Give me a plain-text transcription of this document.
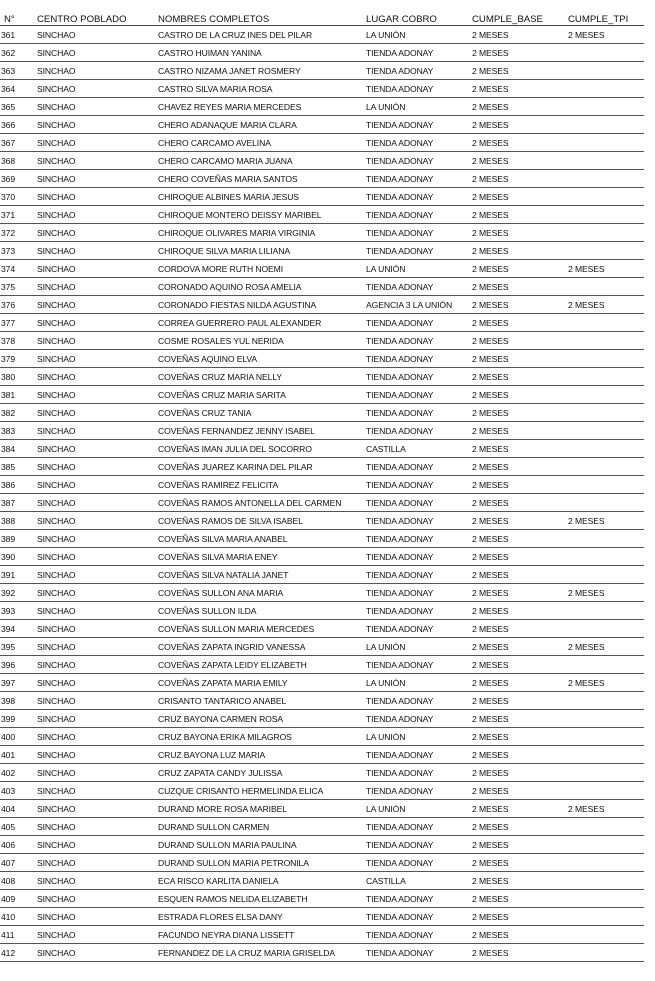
N°	CENTRO POBLADO	NOMBRES COMPLETOS	LUGAR COBRO	CUMPLE_BASE	CUMPLE_TPI
361	SINCHAO	CASTRO DE LA CRUZ INES DEL PILAR	LA UNIÓN	2 MESES	2 MESES
362	SINCHAO	CASTRO HUIMAN YANINA	TIENDA ADONAY	2 MESES	
363	SINCHAO	CASTRO NIZAMA JANET ROSMERY	TIENDA ADONAY	2 MESES	
364	SINCHAO	CASTRO SILVA MARIA ROSA	TIENDA ADONAY	2 MESES	
365	SINCHAO	CHAVEZ REYES MARIA MERCEDES	LA UNIÓN	2 MESES	
366	SINCHAO	CHERO ADANAQUE MARIA CLARA	TIENDA ADONAY	2 MESES	
367	SINCHAO	CHERO CARCAMO AVELINA	TIENDA ADONAY	2 MESES	
368	SINCHAO	CHERO CARCAMO MARIA JUANA	TIENDA ADONAY	2 MESES	
369	SINCHAO	CHERO COVEÑAS MARIA SANTOS	TIENDA ADONAY	2 MESES	
370	SINCHAO	CHIROQUE ALBINES MARIA JESUS	TIENDA ADONAY	2 MESES	
371	SINCHAO	CHIROQUE MONTERO DEISSY MARIBEL	TIENDA ADONAY	2 MESES	
372	SINCHAO	CHIROQUE OLIVARES MARIA VIRGINIA	TIENDA ADONAY	2 MESES	
373	SINCHAO	CHIROQUE SILVA MARIA LILIANA	TIENDA ADONAY	2 MESES	
374	SINCHAO	CORDOVA MORE RUTH NOEMI	LA UNIÓN	2 MESES	2 MESES
375	SINCHAO	CORONADO AQUINO ROSA AMELIA	TIENDA ADONAY	2 MESES	
376	SINCHAO	CORONADO FIESTAS NILDA AGUSTINA	AGENCIA 3 LA UNIÓN	2 MESES	2 MESES
377	SINCHAO	CORREA GUERRERO PAUL ALEXANDER	TIENDA ADONAY	2 MESES	
378	SINCHAO	COSME ROSALES YUL NERIDA	TIENDA ADONAY	2 MESES	
379	SINCHAO	COVEÑAS AQUINO ELVA	TIENDA ADONAY	2 MESES	
380	SINCHAO	COVEÑAS CRUZ MARIA NELLY	TIENDA ADONAY	2 MESES	
381	SINCHAO	COVEÑAS CRUZ MARIA SARITA	TIENDA ADONAY	2 MESES	
382	SINCHAO	COVEÑAS CRUZ TANIA	TIENDA ADONAY	2 MESES	
383	SINCHAO	COVEÑAS FERNANDEZ JENNY ISABEL	TIENDA ADONAY	2 MESES	
384	SINCHAO	COVEÑAS IMAN JULIA DEL SOCORRO	CASTILLA	2 MESES	
385	SINCHAO	COVEÑAS JUAREZ KARINA DEL PILAR	TIENDA ADONAY	2 MESES	
386	SINCHAO	COVEÑAS RAMIREZ FELICITA	TIENDA ADONAY	2 MESES	
387	SINCHAO	COVEÑAS RAMOS ANTONELLA DEL CARMEN	TIENDA ADONAY	2 MESES	
388	SINCHAO	COVEÑAS RAMOS DE SILVA ISABEL	TIENDA ADONAY	2 MESES	2 MESES
389	SINCHAO	COVEÑAS SILVA MARIA ANABEL	TIENDA ADONAY	2 MESES	
390	SINCHAO	COVEÑAS SILVA MARIA ENEY	TIENDA ADONAY	2 MESES	
391	SINCHAO	COVEÑAS SILVA NATALIA JANET	TIENDA ADONAY	2 MESES	
392	SINCHAO	COVEÑAS SULLON ANA MARIA	TIENDA ADONAY	2 MESES	2 MESES
393	SINCHAO	COVEÑAS SULLON ILDA	TIENDA ADONAY	2 MESES	
394	SINCHAO	COVEÑAS SULLON MARIA MERCEDES	TIENDA ADONAY	2 MESES	
395	SINCHAO	COVEÑAS ZAPATA INGRID VANESSA	LA UNIÓN	2 MESES	2 MESES
396	SINCHAO	COVEÑAS ZAPATA LEIDY ELIZABETH	TIENDA ADONAY	2 MESES	
397	SINCHAO	COVEÑAS ZAPATA MARIA EMILY	LA UNIÓN	2 MESES	2 MESES
398	SINCHAO	CRISANTO TANTARICO ANABEL	TIENDA ADONAY	2 MESES	
399	SINCHAO	CRUZ BAYONA CARMEN ROSA	TIENDA ADONAY	2 MESES	
400	SINCHAO	CRUZ BAYONA ERIKA MILAGROS	LA UNIÓN	2 MESES	
401	SINCHAO	CRUZ BAYONA LUZ MARIA	TIENDA ADONAY	2 MESES	
402	SINCHAO	CRUZ ZAPATA CANDY JULISSA	TIENDA ADONAY	2 MESES	
403	SINCHAO	CUZQUE CRISANTO HERMELINDA ELICA	TIENDA ADONAY	2 MESES	
404	SINCHAO	DURAND MORE ROSA MARIBEL	LA UNIÓN	2 MESES	2 MESES
405	SINCHAO	DURAND SULLON CARMEN	TIENDA ADONAY	2 MESES	
406	SINCHAO	DURAND SULLON MARIA PAULINA	TIENDA ADONAY	2 MESES	
407	SINCHAO	DURAND SULLON MARIA PETRONILA	TIENDA ADONAY	2 MESES	
408	SINCHAO	ECA RISCO KARLITA DANIELA	CASTILLA	2 MESES	
409	SINCHAO	ESQUEN RAMOS NELIDA ELIZABETH	TIENDA ADONAY	2 MESES	
410	SINCHAO	ESTRADA FLORES ELSA DANY	TIENDA ADONAY	2 MESES	
411	SINCHAO	FACUNDO NEYRA DIANA LISSETT	TIENDA ADONAY	2 MESES	
412	SINCHAO	FERNANDEZ DE LA CRUZ MARIA GRISELDA	TIENDA ADONAY	2 MESES	
